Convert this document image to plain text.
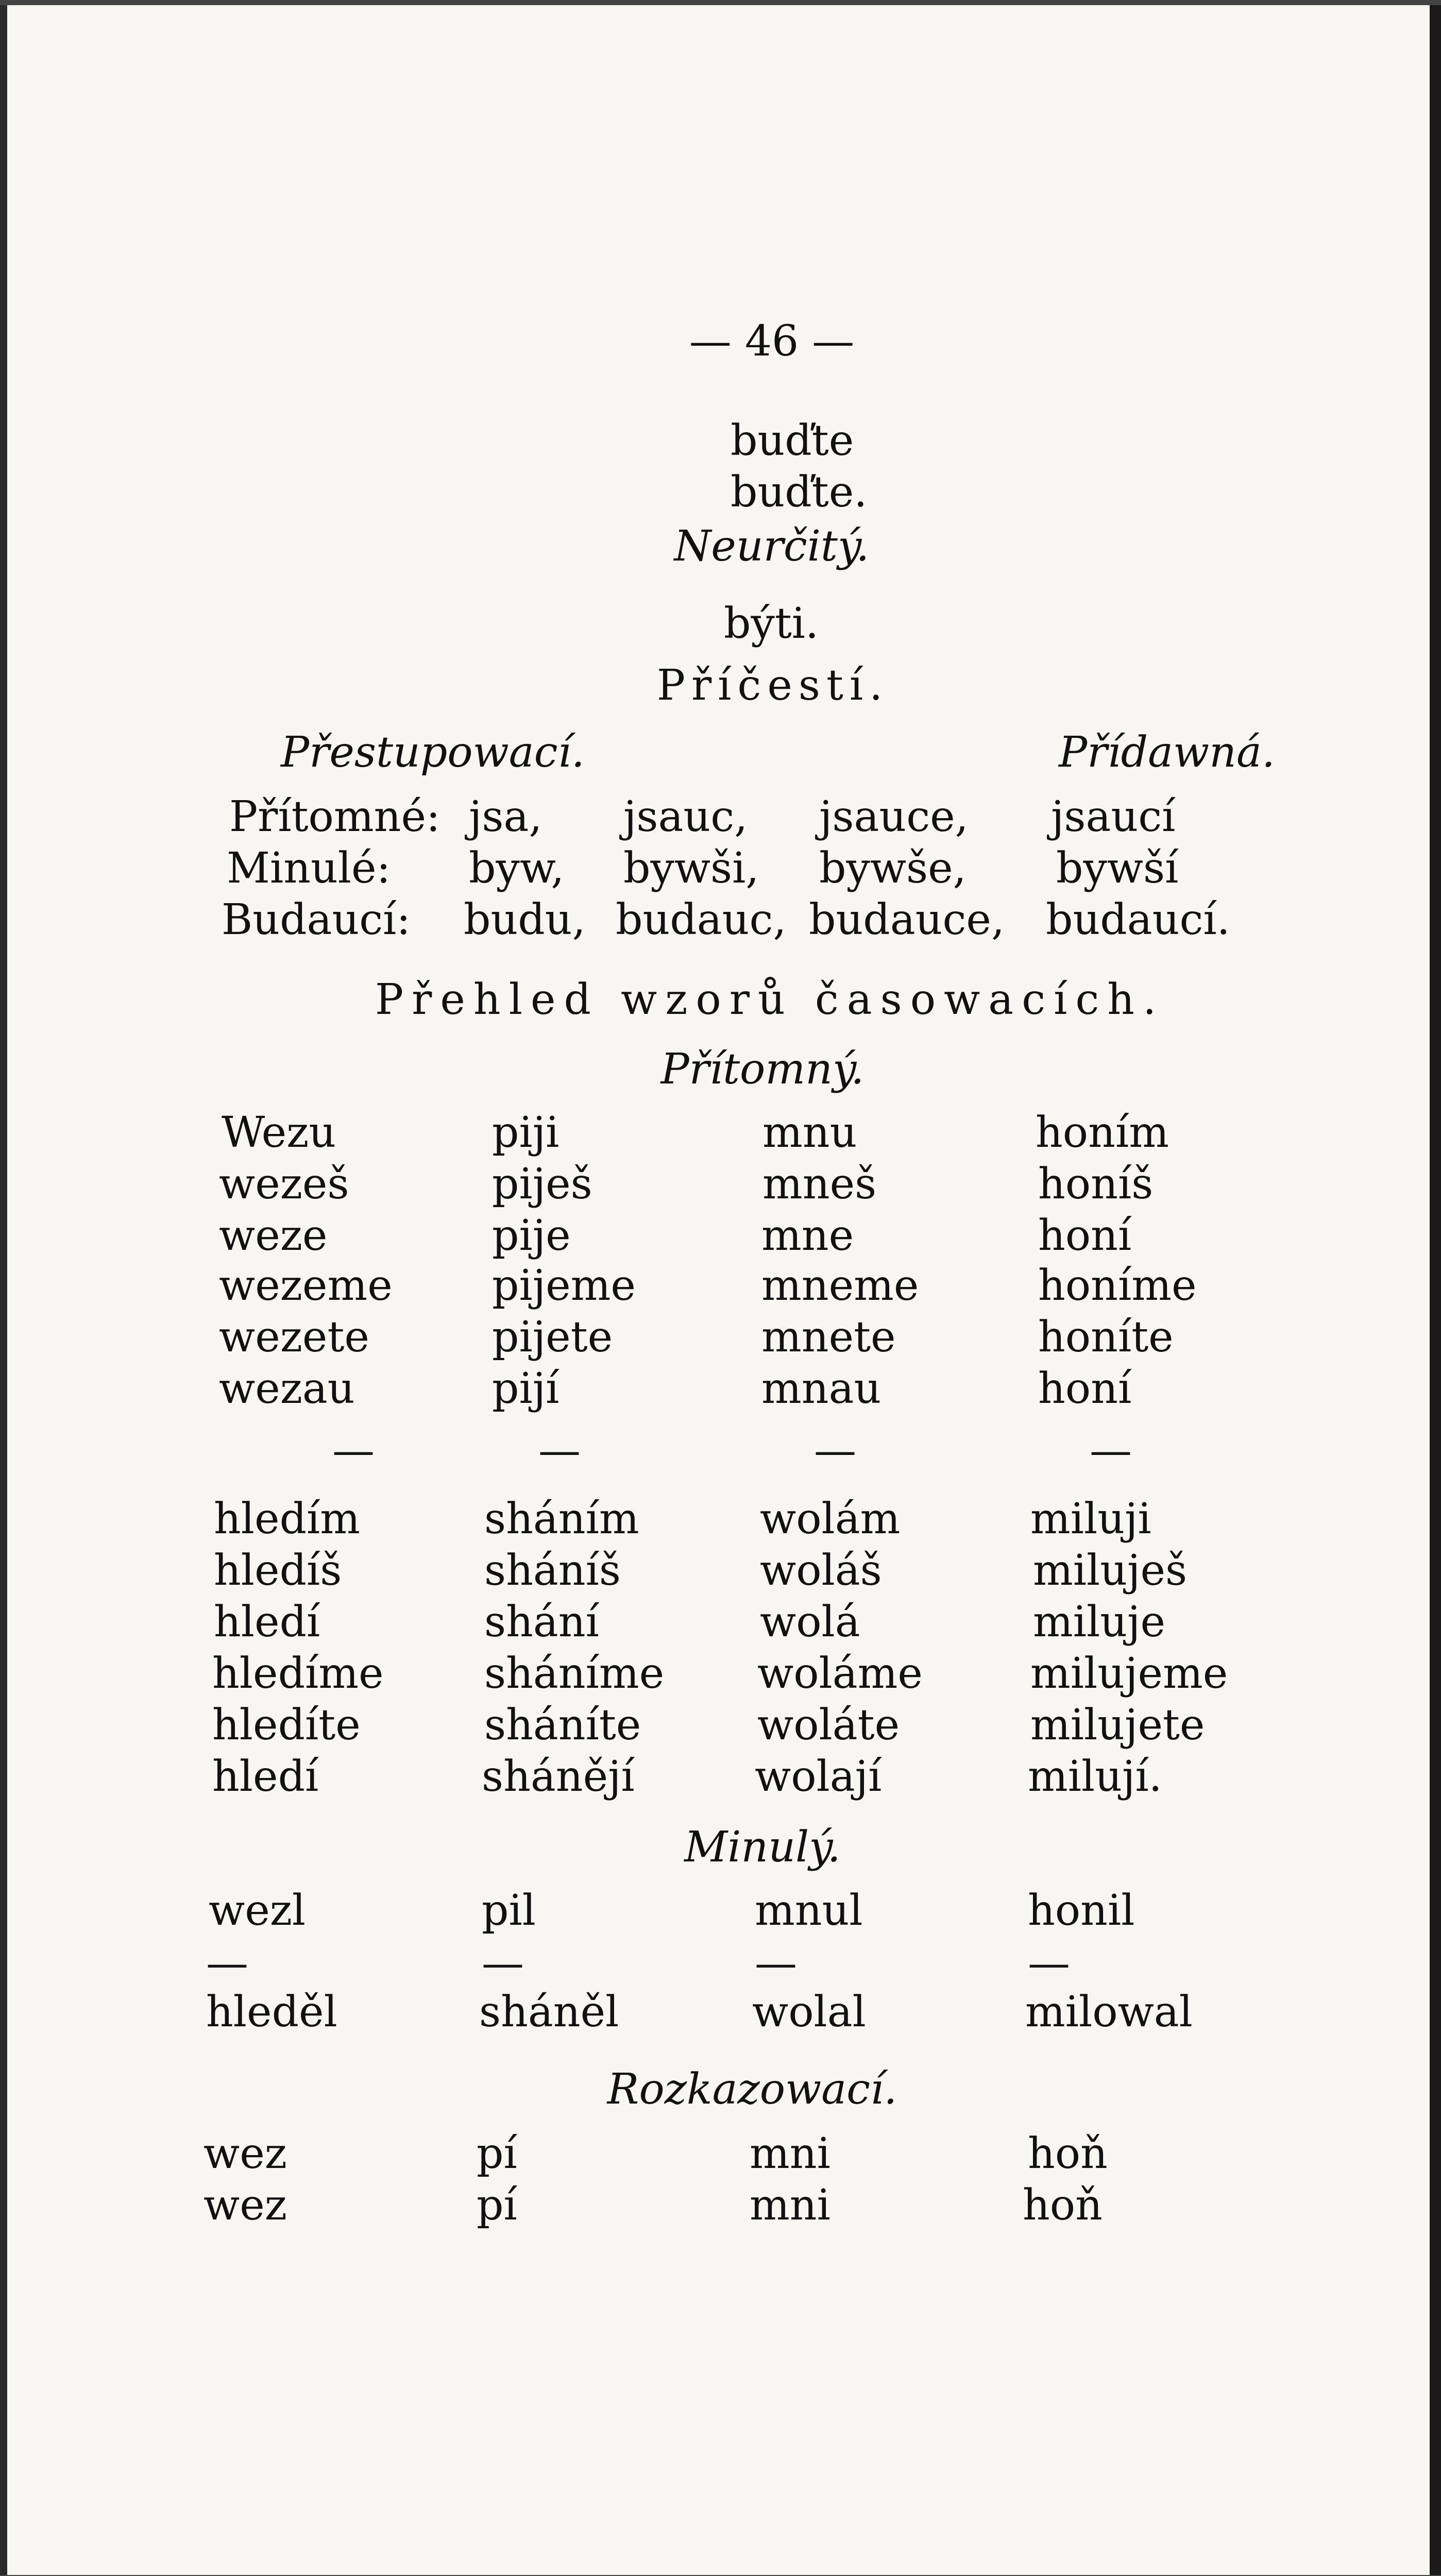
— 46 —
buďte
buďte.
Neurčitý.
býti.
Příčestí.
Přestupowací.	Přídawná.
Přítomné: jsa, jsauc, jsauce, jsaucí
Minulé: byw, bywši, bywše, bywší
Budaucí: budu, budauc, budauce, budaucí.
Přehled wzorů časowacích.
Přítomný.
Wezu	piji	mnu	honím
wezeš	piješ	mneš	honíš
weze	pije	mne	honí
wezeme pijeme	mneme	honíme
wezete	pijete	mnete	honíte
wezau	pijí	mnau	honí
—	—	—	—
hledím	sháním	wolám	miluji
hledíš	sháníš	woláš	miluješ
hledí	shání	wolá	miluje
hledíme sháníme woláme	milujeme
hledíte	sháníte	woláte	milujete
hledí	shánějí	wolají	milují.
Minulý.
wezl	pil	mnul	honil
—	—	—	—
hleděl	sháněl	wolal	milowal
Rozkazowací.
wez	pí	mni	hoň
wez	pí	mni	hoň
